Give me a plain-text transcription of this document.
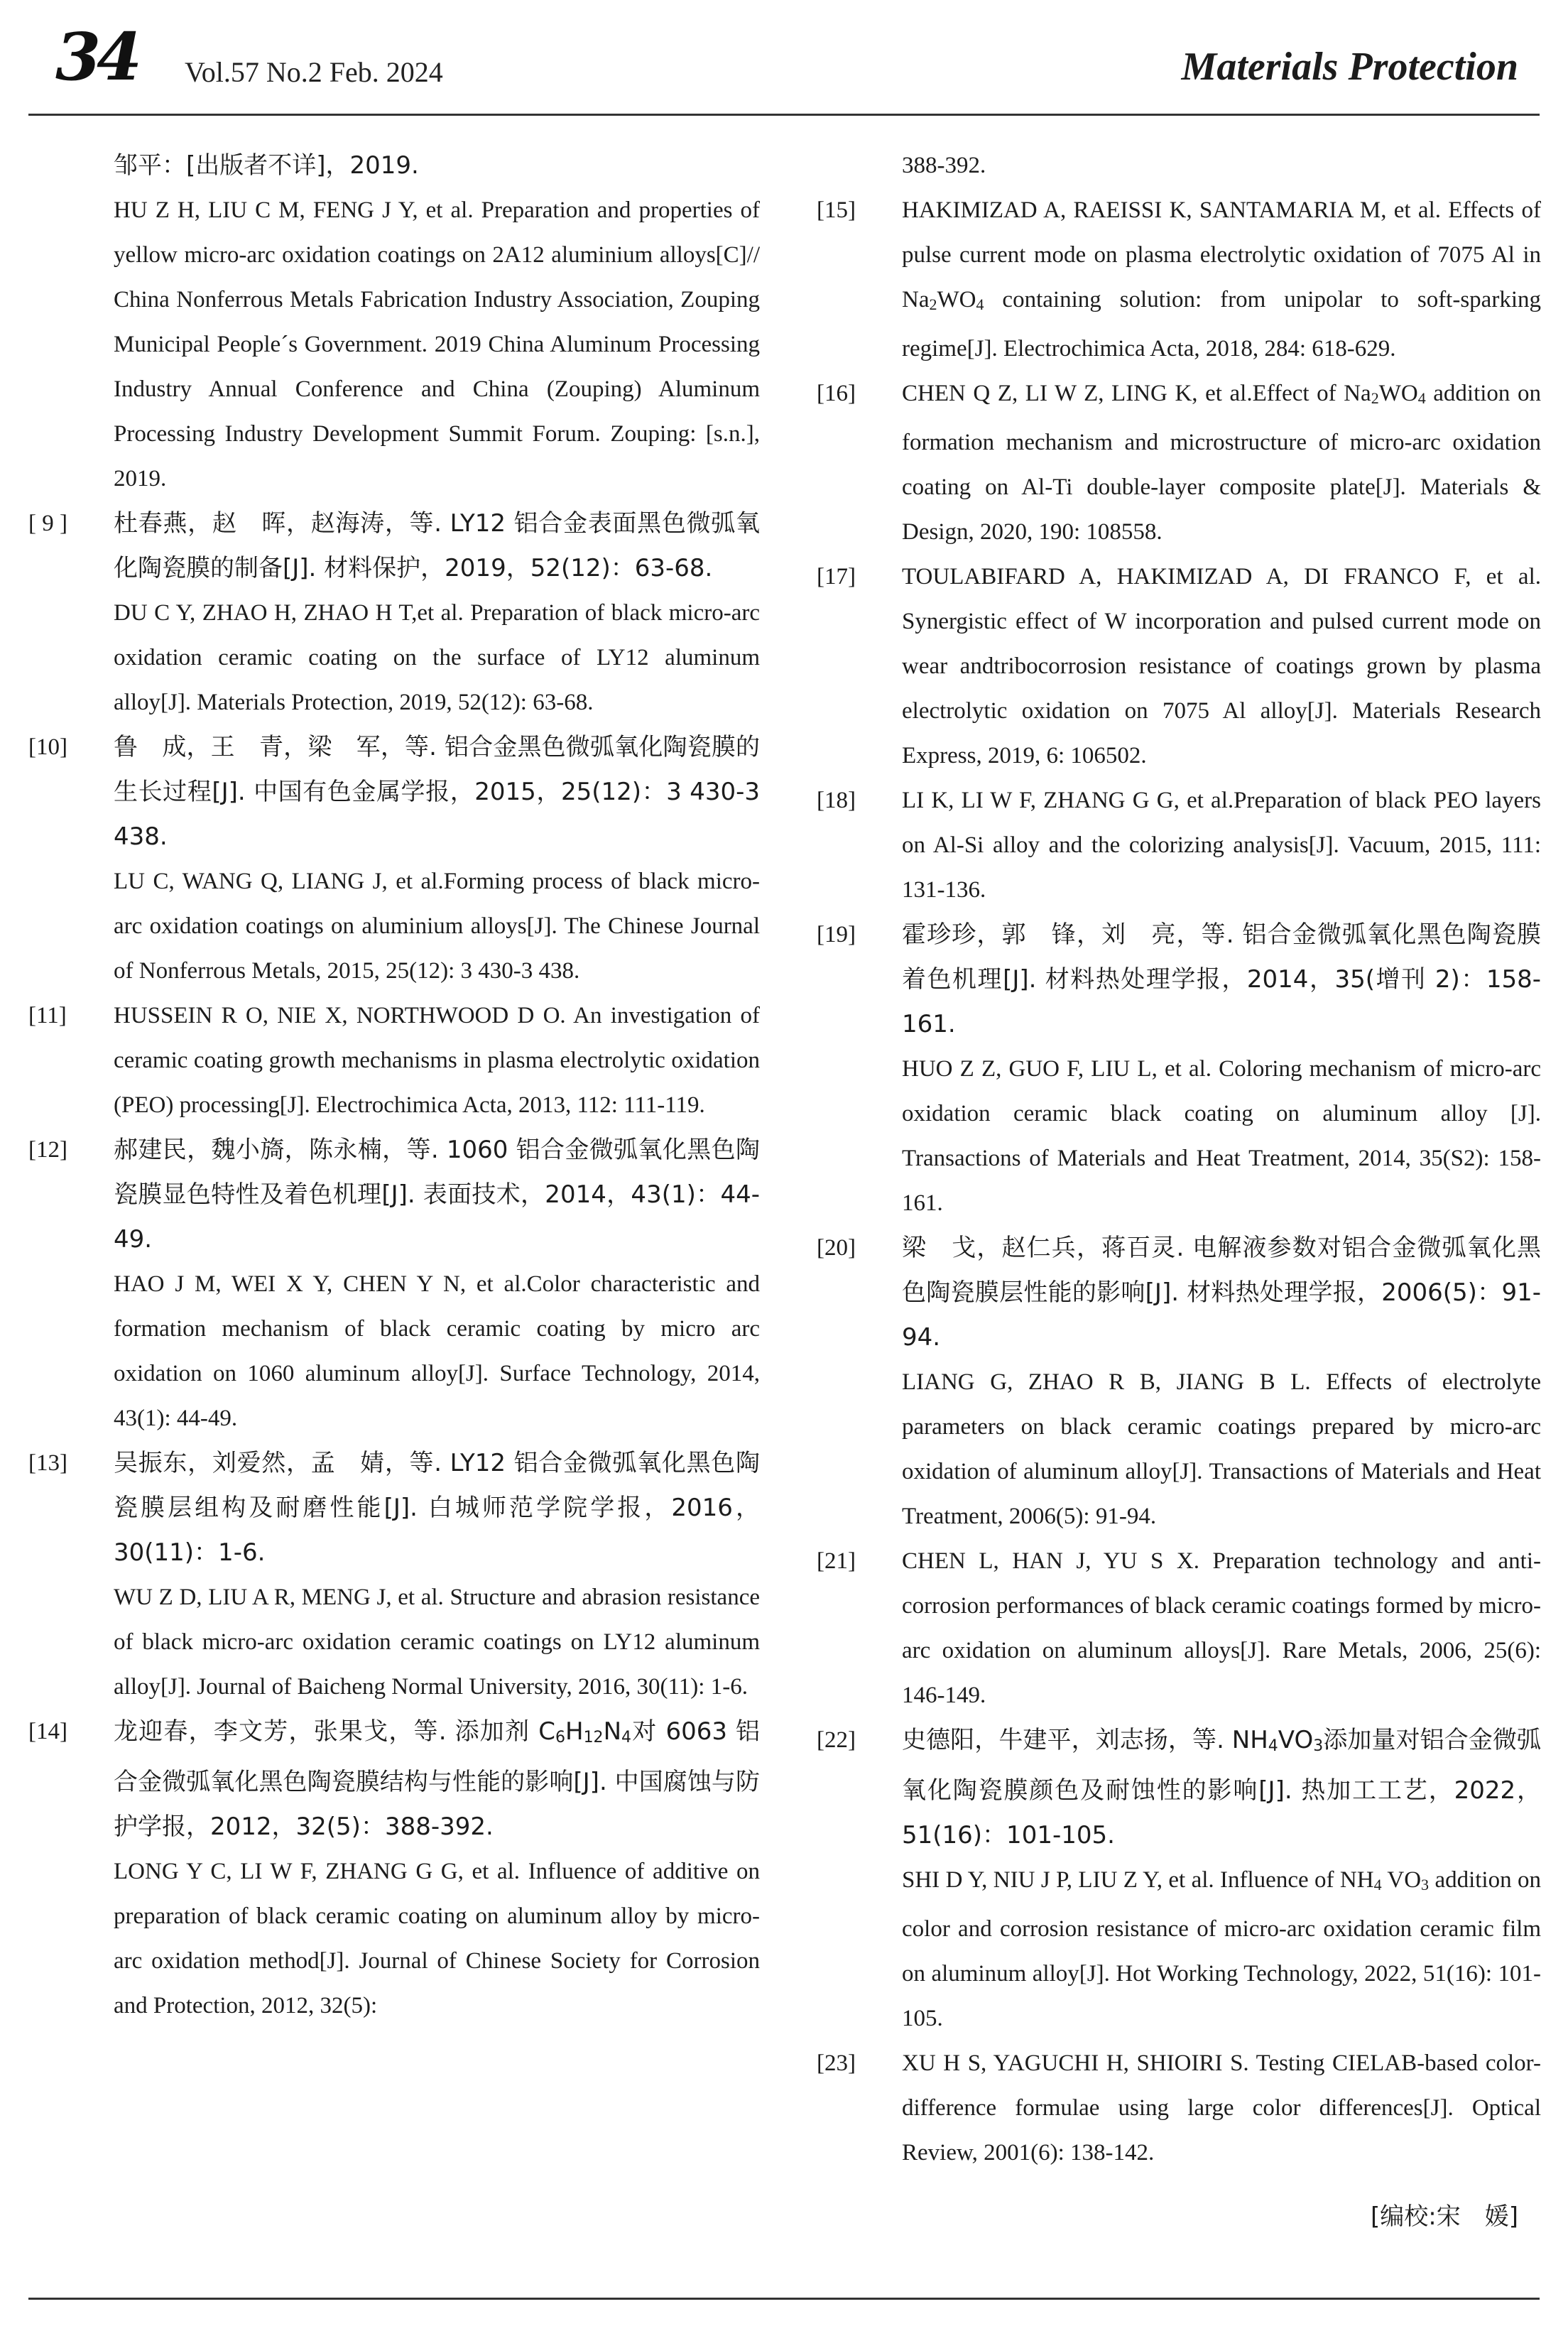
34 Vol.57 No.2 Feb. 2024	Materials Protection
邹平：[出版者不详]，2019.
HU Z H, LIU C M, FENG J Y, et al. Preparation and properties of yellow micro-arc oxidation coatings on 2A12 aluminium alloys[C]// China Nonferrous Metals Fabrication Industry Association, Zouping Municipal People´s Government. 2019 China Aluminum Processing Industry Annual Conference and China (Zouping) Aluminum Processing Industry Development Summit Forum. Zouping: [s.n.], 2019.
[ 9 ]	杜春燕，赵　晖，赵海涛，等. LY12 铝合金表面黑色微弧氧化陶瓷膜的制备[J]. 材料保护，2019，52(12)：63-68.
DU C Y, ZHAO H, ZHAO H T,et al. Preparation of black micro-arc oxidation ceramic coating on the surface of LY12 aluminum alloy[J]. Materials Protection, 2019, 52(12): 63-68.
[10]	鲁　成，王　青，梁　军，等. 铝合金黑色微弧氧化陶瓷膜的生长过程[J]. 中国有色金属学报，2015，25(12)：3 430-3 438.
LU C, WANG Q, LIANG J, et al.Forming process of black micro-arc oxidation coatings on aluminium alloys[J]. The Chinese Journal of Nonferrous Metals, 2015, 25(12): 3 430-3 438.
[11]	HUSSEIN R O, NIE X, NORTHWOOD D O. An investigation of ceramic coating growth mechanisms in plasma electrolytic oxidation (PEO) processing[J]. Electrochimica Acta, 2013, 112: 111-119.
[12]	郝建民，魏小旖，陈永楠，等. 1060 铝合金微弧氧化黑色陶瓷膜显色特性及着色机理[J]. 表面技术，2014，43(1)：44-49.
HAO J M, WEI X Y, CHEN Y N, et al.Color characteristic and formation mechanism of black ceramic coating by micro arc oxidation on 1060 aluminum alloy[J]. Surface Technology, 2014, 43(1): 44-49.
[13]	吴振东，刘爱然，孟　婧，等. LY12 铝合金微弧氧化黑色陶瓷膜层组构及耐磨性能[J]. 白城师范学院学报，2016，30(11)：1-6.
WU Z D, LIU A R, MENG J, et al. Structure and abrasion resistance of black micro-arc oxidation ceramic coatings on LY12 aluminum alloy[J]. Journal of Baicheng Normal University, 2016, 30(11): 1-6.
[14]	龙迎春，李文芳，张果戈，等. 添加剂 C6H12N4对 6063 铝合金微弧氧化黑色陶瓷膜结构与性能的影响[J]. 中国腐蚀与防护学报，2012，32(5)：388-392.
LONG Y C, LI W F, ZHANG G G, et al. Influence of additive on preparation of black ceramic coating on aluminum alloy by micro-arc oxidation method[J]. Journal of Chinese Society for Corrosion and Protection, 2012, 32(5):
388-392.
[15]	HAKIMIZAD A, RAEISSI K, SANTAMARIA M, et al. Effects of pulse current mode on plasma electrolytic oxidation of 7075 Al in Na2WO4 containing solution: from unipolar to soft-sparking regime[J]. Electrochimica Acta, 2018, 284: 618-629.
[16]	CHEN Q Z, LI W Z, LING K, et al.Effect of Na2WO4 addition on formation mechanism and microstructure of micro-arc oxidation coating on Al-Ti double-layer composite plate[J]. Materials & Design, 2020, 190: 108558.
[17]	TOULABIFARD A, HAKIMIZAD A, DI FRANCO F, et al. Synergistic effect of W incorporation and pulsed current mode on wear andtribocorrosion resistance of coatings grown by plasma electrolytic oxidation on 7075 Al alloy[J]. Materials Research Express, 2019, 6: 106502.
[18]	LI K, LI W F, ZHANG G G, et al.Preparation of black PEO layers on Al-Si alloy and the colorizing analysis[J]. Vacuum, 2015, 111: 131-136.
[19]	霍珍珍，郭　锋，刘　亮，等. 铝合金微弧氧化黑色陶瓷膜着色机理[J]. 材料热处理学报，2014，35(增刊 2)：158-161.
HUO Z Z, GUO F, LIU L, et al. Coloring mechanism of micro-arc oxidation ceramic black coating on aluminum alloy [J]. Transactions of Materials and Heat Treatment, 2014, 35(S2): 158-161.
[20]	梁　戈，赵仁兵，蒋百灵. 电解液参数对铝合金微弧氧化黑色陶瓷膜层性能的影响[J]. 材料热处理学报，2006(5)：91-94.
LIANG G, ZHAO R B, JIANG B L. Effects of electrolyte parameters on black ceramic coatings prepared by micro-arc oxidation of aluminum alloy[J]. Transactions of Materials and Heat Treatment, 2006(5): 91-94.
[21]	CHEN L, HAN J, YU S X. Preparation technology and anti-corrosion performances of black ceramic coatings formed by micro-arc oxidation on aluminum alloys[J]. Rare Metals, 2006, 25(6): 146-149.
[22]	史德阳，牛建平，刘志扬，等. NH4VO3添加量对铝合金微弧氧化陶瓷膜颜色及耐蚀性的影响[J]. 热加工工艺，2022，51(16)：101-105.
SHI D Y, NIU J P, LIU Z Y, et al. Influence of NH4 VO3 addition on color and corrosion resistance of micro-arc oxidation ceramic film on aluminum alloy[J]. Hot Working Technology, 2022, 51(16): 101-105.
[23]	XU H S, YAGUCHI H, SHIOIRI S. Testing CIELAB-based color-difference formulae using large color differences[J]. Optical Review, 2001(6): 138-142.
[编校:宋　媛]
